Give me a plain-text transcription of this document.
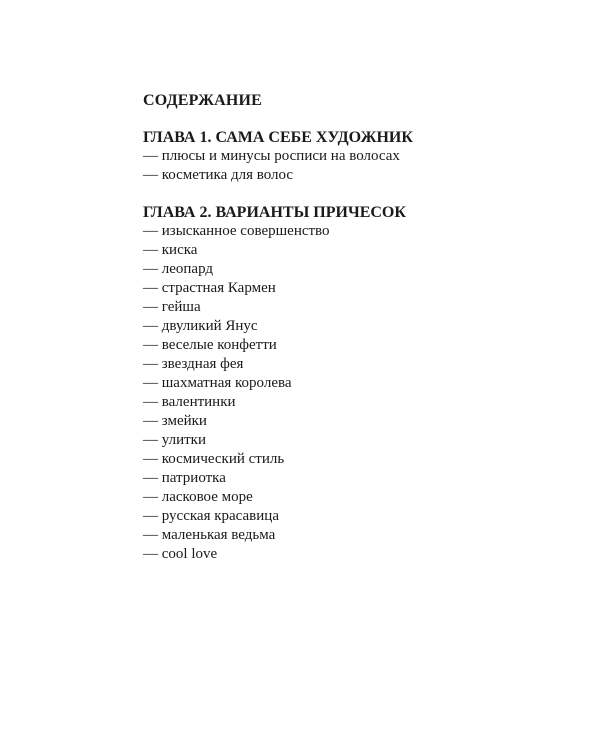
СОДЕРЖАНИЕ
ГЛАВА 1. САМА СЕБЕ ХУДОЖНИК
— плюсы и минусы росписи на волосах
— косметика для волос
ГЛАВА 2. ВАРИАНТЫ ПРИЧЕСОК
— изысканное совершенство
— киска
— леопард
— страстная Кармен
— гейша
— двуликий Янус
— веселые конфетти
— звездная фея
— шахматная королева
— валентинки
— змейки
— улитки
— космический стиль
— патриотка
— ласковое море
— русская красавица
— маленькая ведьма
— cool love
